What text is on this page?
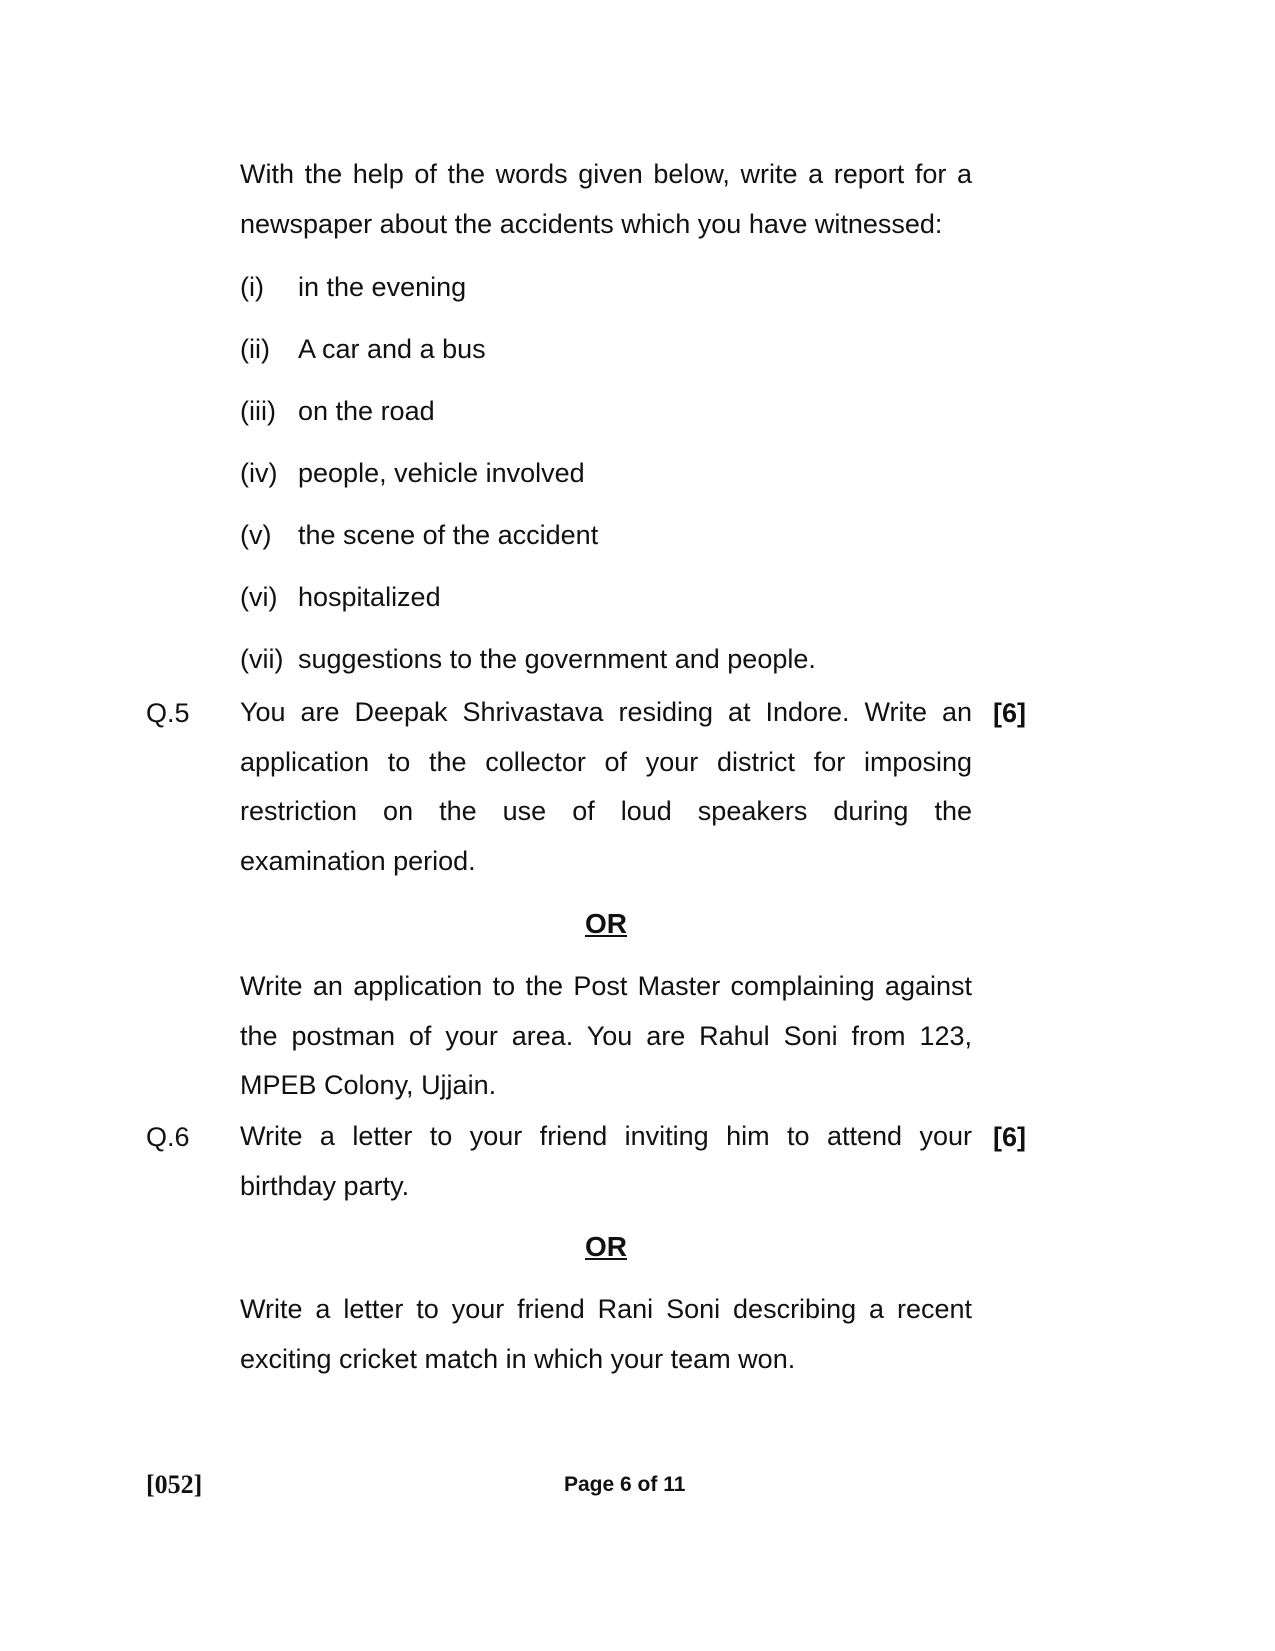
With the help of the words given below, write a report for a
newspaper about the accidents which you have witnessed:
(i) in the evening
(ii) A car and a bus
(iii) on the road
(iv) people, vehicle involved
(v) the scene of the accident
(vi) hospitalized
(vii) suggestions to the government and people.
Q.5	[6]
You are Deepak Shrivastava residing at Indore. Write an
application to the collector of your district for imposing
restriction on the use of loud speakers during the
examination period.
OR
Write an application to the Post Master complaining against
the postman of your area. You are Rahul Soni from 123,
MPEB Colony, Ujjain.
Q.6	[6]
Write a letter to your friend inviting him to attend your
birthday party.
OR
Write a letter to your friend Rani Soni describing a recent
exciting cricket match in which your team won.
[052]	Page 6 of 11
